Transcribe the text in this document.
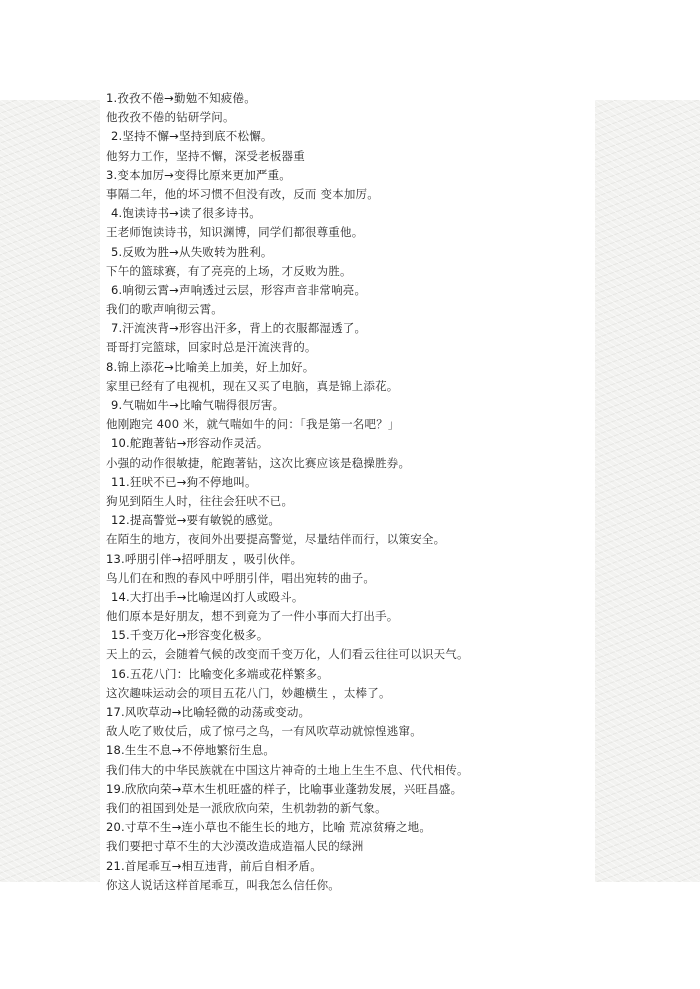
1.孜孜不倦→勤勉不知疲倦。
他孜孜不倦的钻研学问。
2.坚持不懈→坚持到底不松懈。
他努力工作，坚持不懈，深受老板器重
3.变本加厉→变得比原来更加严重。
事隔二年，他的坏习惯不但没有改，反而 变本加厉。
4.饱读诗书→读了很多诗书。
王老师饱读诗书，知识渊博，同学们都很尊重他。
5.反败为胜→从失败转为胜利。
下午的篮球赛，有了亮亮的上场，才反败为胜。
6.响彻云霄→声响透过云层，形容声音非常响亮。
我们的歌声响彻云霄。
7.汗流浃背→形容出汗多，背上的衣服都湿透了。
哥哥打完篮球，回家时总是汗流浃背的。
8.锦上添花→比喻美上加美，好上加好。
家里已经有了电视机，现在又买了电脑，真是锦上添花。
9.气喘如牛→比喻气喘得很厉害。
他刚跑完 400 米，就气喘如牛的问：「我是第一名吧？」
10.舵跑著钻→形容动作灵活。
小强的动作很敏捷，舵跑著钻，这次比赛应该是稳操胜券。
11.狂吠不已→狗不停地叫。
狗见到陌生人时，往往会狂吠不已。
12.提高警觉→要有敏锐的感觉。
在陌生的地方，夜间外出要提高警觉，尽量结伴而行，以策安全。
13.呼朋引伴→招呼朋友 ，吸引伙伴。
鸟儿们在和煦的春风中呼朋引伴，唱出宛转的曲子。
14.大打出手→比喻逞凶打人或殴斗。
他们原本是好朋友，想不到竟为了一件小事而大打出手。
15.千变万化→形容变化极多。
天上的云，会随着气候的改变而千变万化，人们看云往往可以识天气。
16.五花八门：比喻变化多端或花样繁多。
这次趣味运动会的项目五花八门，妙趣横生 ，太棒了。
17.风吹草动→比喻轻微的动荡或变动。
敌人吃了败仗后，成了惊弓之鸟，一有风吹草动就惊惶逃窜。
18.生生不息→不停地繁衍生息。
我们伟大的中华民族就在中国这片神奇的土地上生生不息、代代相传。
19.欣欣向荣→草木生机旺盛的样子，比喻事业蓬勃发展，兴旺昌盛。
我们的祖国到处是一派欣欣向荣，生机勃勃的新气象。
20.寸草不生→连小草也不能生长的地方，比喻 荒凉贫瘠之地。
我们要把寸草不生的大沙漠改造成造福人民的绿洲
21.首尾乖互→相互违背，前后自相矛盾。
你这人说话这样首尾乖互，叫我怎么信任你。
